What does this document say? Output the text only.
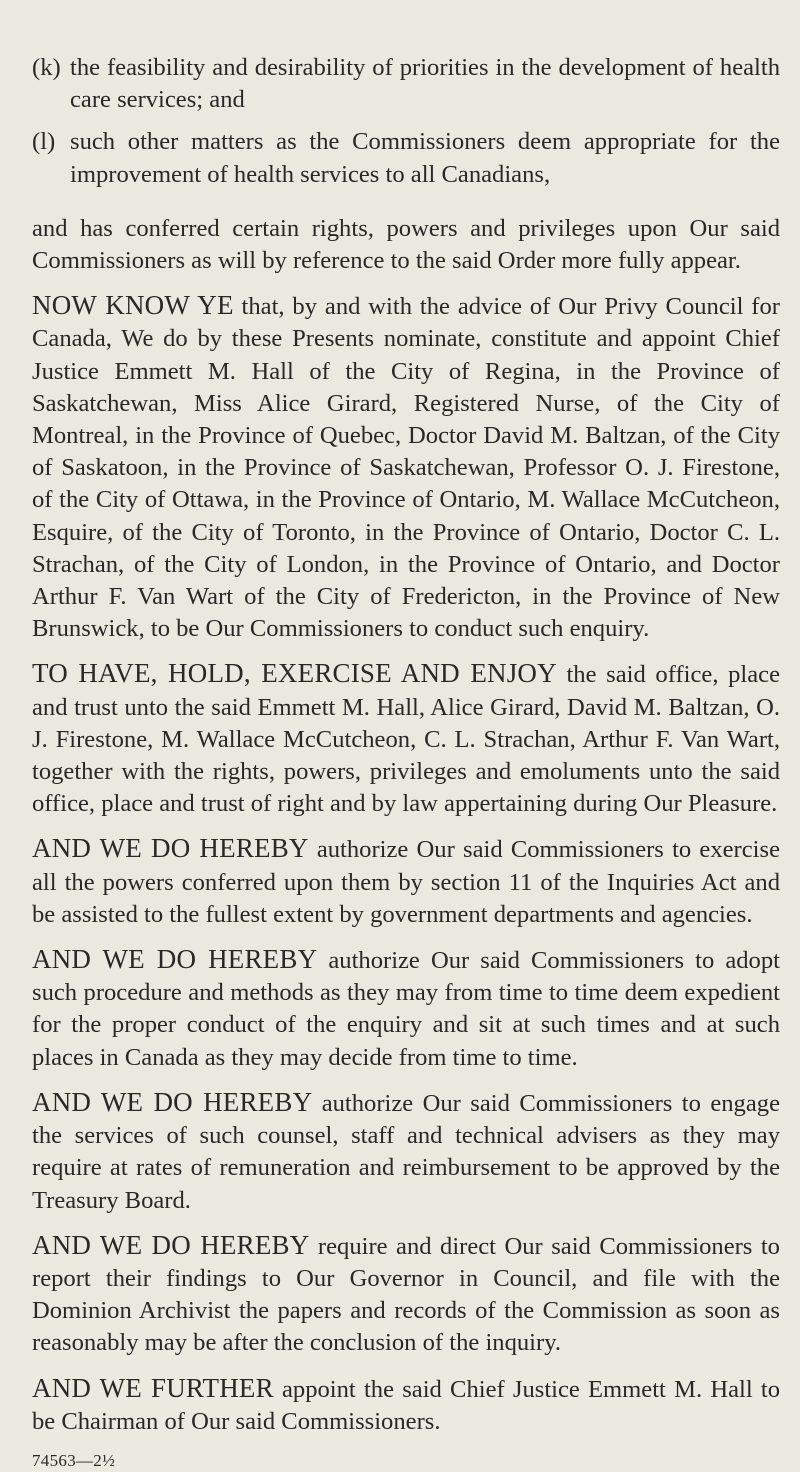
(k) the feasibility and desirability of priorities in the development of health care services; and
(l) such other matters as the Commissioners deem appropriate for the improvement of health services to all Canadians,

and has conferred certain rights, powers and privileges upon Our said Commissioners as will by reference to the said Order more fully appear.

NOW KNOW YE that, by and with the advice of Our Privy Council for Canada, We do by these Presents nominate, constitute and appoint Chief Justice Emmett M. Hall of the City of Regina, in the Province of Saskatchewan, Miss Alice Girard, Registered Nurse, of the City of Montreal, in the Province of Quebec, Doctor David M. Baltzan, of the City of Saskatoon, in the Province of Saskatchewan, Professor O. J. Firestone, of the City of Ottawa, in the Province of Ontario, M. Wallace McCutcheon, Esquire, of the City of Toronto, in the Province of Ontario, Doctor C. L. Strachan, of the City of London, in the Province of Ontario, and Doctor Arthur F. Van Wart of the City of Fredericton, in the Province of New Brunswick, to be Our Commissioners to conduct such enquiry.

TO HAVE, HOLD, EXERCISE AND ENJOY the said office, place and trust unto the said Emmett M. Hall, Alice Girard, David M. Baltzan, O. J. Firestone, M. Wallace McCutcheon, C. L. Strachan, Arthur F. Van Wart, together with the rights, powers, privileges and emoluments unto the said office, place and trust of right and by law appertaining during Our Pleasure.

AND WE DO HEREBY authorize Our said Commissioners to exercise all the powers conferred upon them by section 11 of the Inquiries Act and be assisted to the fullest extent by government departments and agencies.

AND WE DO HEREBY authorize Our said Commissioners to adopt such procedure and methods as they may from time to time deem expedient for the proper conduct of the enquiry and sit at such times and at such places in Canada as they may decide from time to time.

AND WE DO HEREBY authorize Our said Commissioners to engage the services of such counsel, staff and technical advisers as they may require at rates of remuneration and reimbursement to be approved by the Treasury Board.

AND WE DO HEREBY require and direct Our said Commissioners to report their findings to Our Governor in Council, and file with the Dominion Archivist the papers and records of the Commission as soon as reasonably may be after the conclusion of the inquiry.

AND WE FURTHER appoint the said Chief Justice Emmett M. Hall to be Chairman of Our said Commissioners.

74563—2½
